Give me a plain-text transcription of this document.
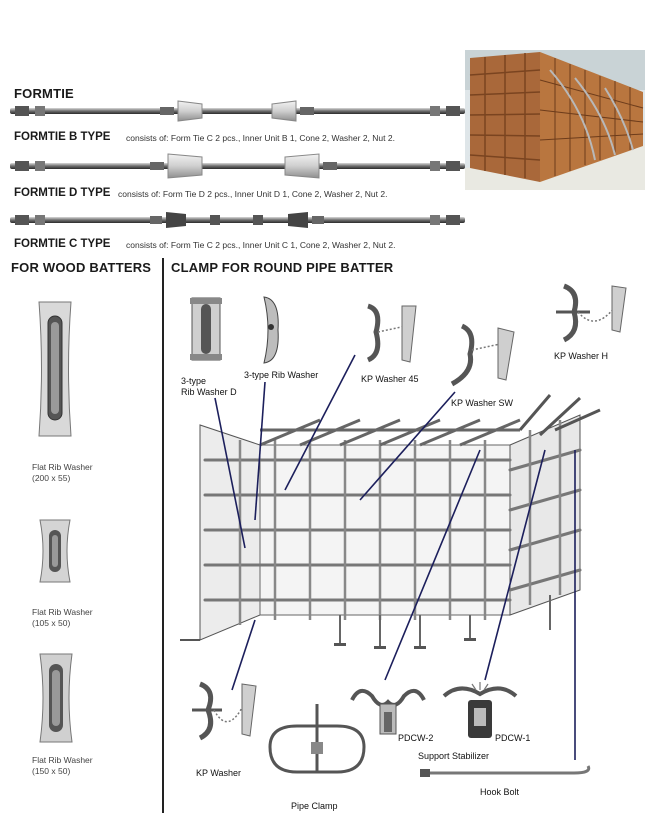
FORMTIE
FORMTIE B TYPE consists of: Form Tie C 2 pcs., Inner Unit B 1, Cone 2, Washer 2, Nut 2.
FORMTIE D TYPE consists of: Form Tie D 2 pcs., Inner Unit D 1, Cone 2, Washer 2, Nut 2.
FORMTIE C TYPE consists of: Form Tie C 2 pcs., Inner Unit C 1, Cone 2, Washer 2, Nut 2.
FOR WOOD BATTERS
Flat Rib Washer
(200 x 55)
Flat Rib Washer
(105 x 50)
Flat Rib Washer
(150 x 50)
CLAMP FOR ROUND PIPE BATTER
3-type
Rib Washer D
3-type Rib Washer	KP Washer 45
KP Washer SW
KP Washer H
KP Washer
Pipe Clamp
PDCW-2	PDCW-1
Support Stabilizer
Hook Bolt
